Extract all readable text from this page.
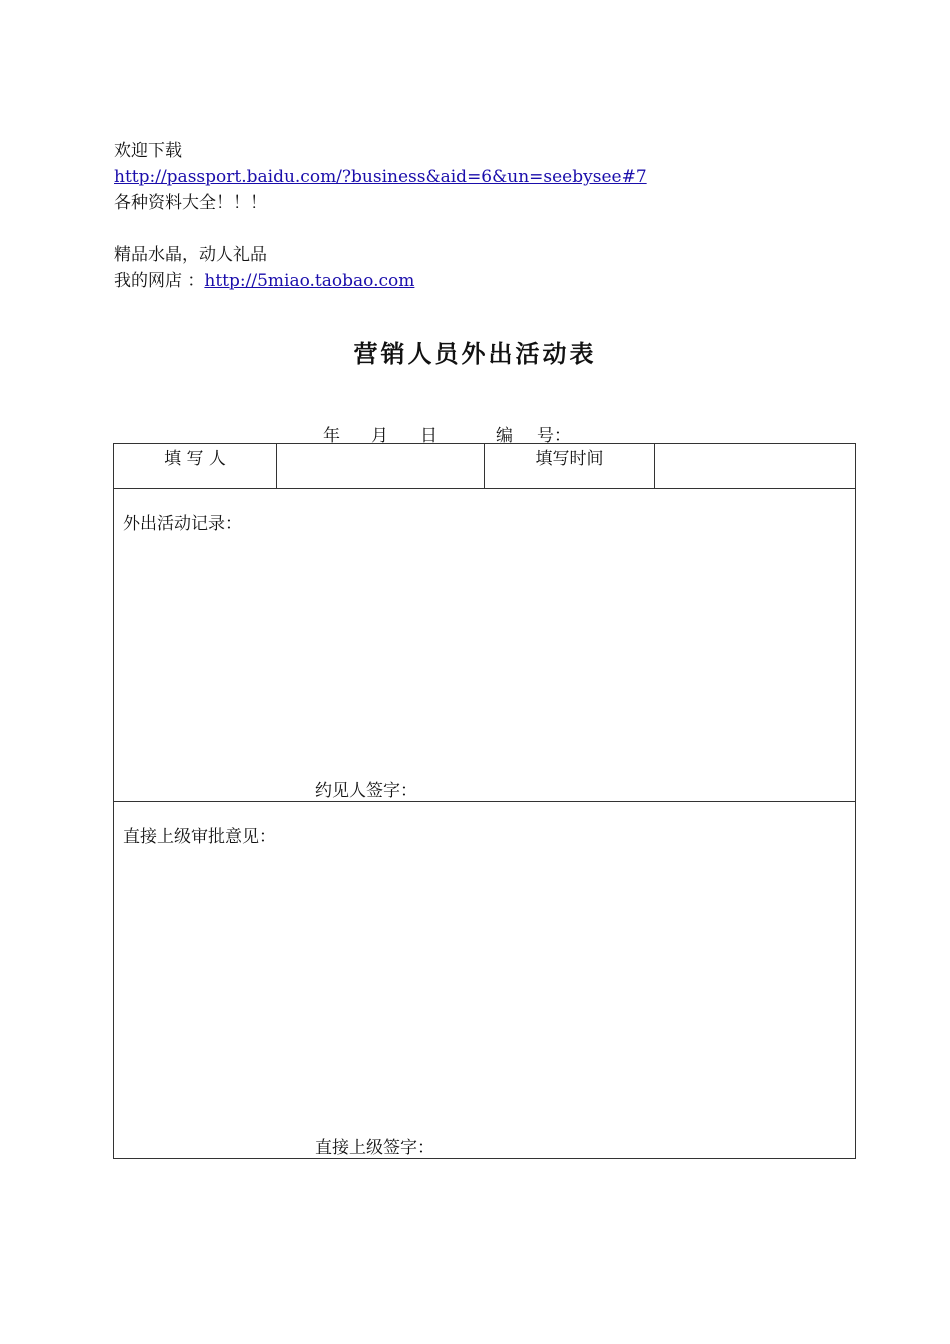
欢迎下载
http://passport.baidu.com/?business&aid=6&un=seebysee#7
各种资料大全！！！
精品水晶，动人礼品
我的网店 ：http://5miao.taobao.com
营销人员外出活动表
年 月 日	编 号：
填 写 人		填写时间	

外出活动记录：
约见人签字：

直接上级审批意见：
直接上级签字：
